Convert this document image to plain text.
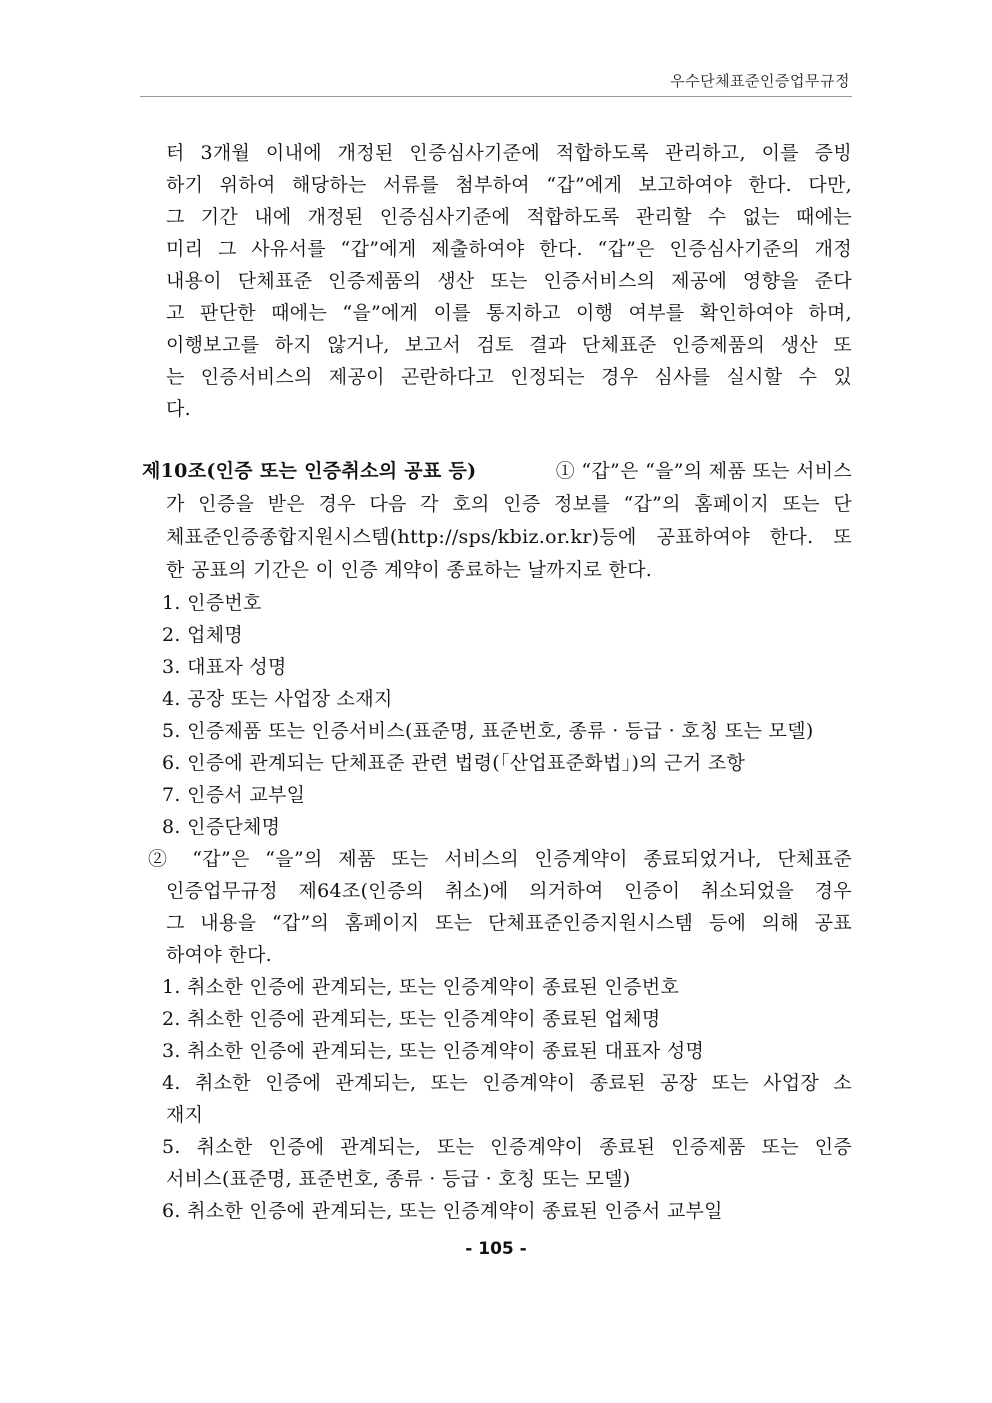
우수단체표준인증업무규정
터 3개월 이내에 개정된 인증심사기준에 적합하도록 관리하고, 이를 증빙
하기 위하여 해당하는 서류를 첨부하여 “갑”에게 보고하여야 한다. 다만,
그 기간 내에 개정된 인증심사기준에 적합하도록 관리할 수 없는 때에는
미리 그 사유서를 “갑”에게 제출하여야 한다. “갑”은 인증심사기준의 개정
내용이 단체표준 인증제품의 생산 또는 인증서비스의 제공에 영향을 준다
고 판단한 때에는 “을”에게 이를 통지하고 이행 여부를 확인하여야 하며,
이행보고를 하지 않거나, 보고서 검토 결과 단체표준 인증제품의 생산 또
는 인증서비스의 제공이 곤란하다고 인정되는 경우 심사를 실시할 수 있
다.
제10조(인증 또는 인증취소의 공표 등)	① “갑”은 “을”의 제품 또는 서비스
가 인증을 받은 경우 다음 각 호의 인증 정보를 “갑”의 홈페이지 또는 단
체표준인증종합지원시스템(http://sps/kbiz.or.kr)등에 공표하여야 한다. 또
한 공표의 기간은 이 인증 계약이 종료하는 날까지로 한다.
1. 인증번호
2. 업체명
3. 대표자 성명
4. 공장 또는 사업장 소재지
5. 인증제품 또는 인증서비스(표준명, 표준번호, 종류 · 등급 · 호칭 또는 모델)
6. 인증에 관계되는 단체표준 관련 법령(「산업표준화법」)의 근거 조항
7. 인증서 교부일
8. 인증단체명
② “갑”은 “을”의 제품 또는 서비스의 인증계약이 종료되었거나, 단체표준
인증업무규정 제64조(인증의 취소)에 의거하여 인증이 취소되었을 경우
그 내용을 “갑”의 홈페이지 또는 단체표준인증지원시스템 등에 의해 공표
하여야 한다.
1. 취소한 인증에 관계되는, 또는 인증계약이 종료된 인증번호
2. 취소한 인증에 관계되는, 또는 인증계약이 종료된 업체명
3. 취소한 인증에 관계되는, 또는 인증계약이 종료된 대표자 성명
4. 취소한 인증에 관계되는, 또는 인증계약이 종료된 공장 또는 사업장 소
재지
5. 취소한 인증에 관계되는, 또는 인증계약이 종료된 인증제품 또는 인증
서비스(표준명, 표준번호, 종류 · 등급 · 호칭 또는 모델)
6. 취소한 인증에 관계되는, 또는 인증계약이 종료된 인증서 교부일
- 105 -
